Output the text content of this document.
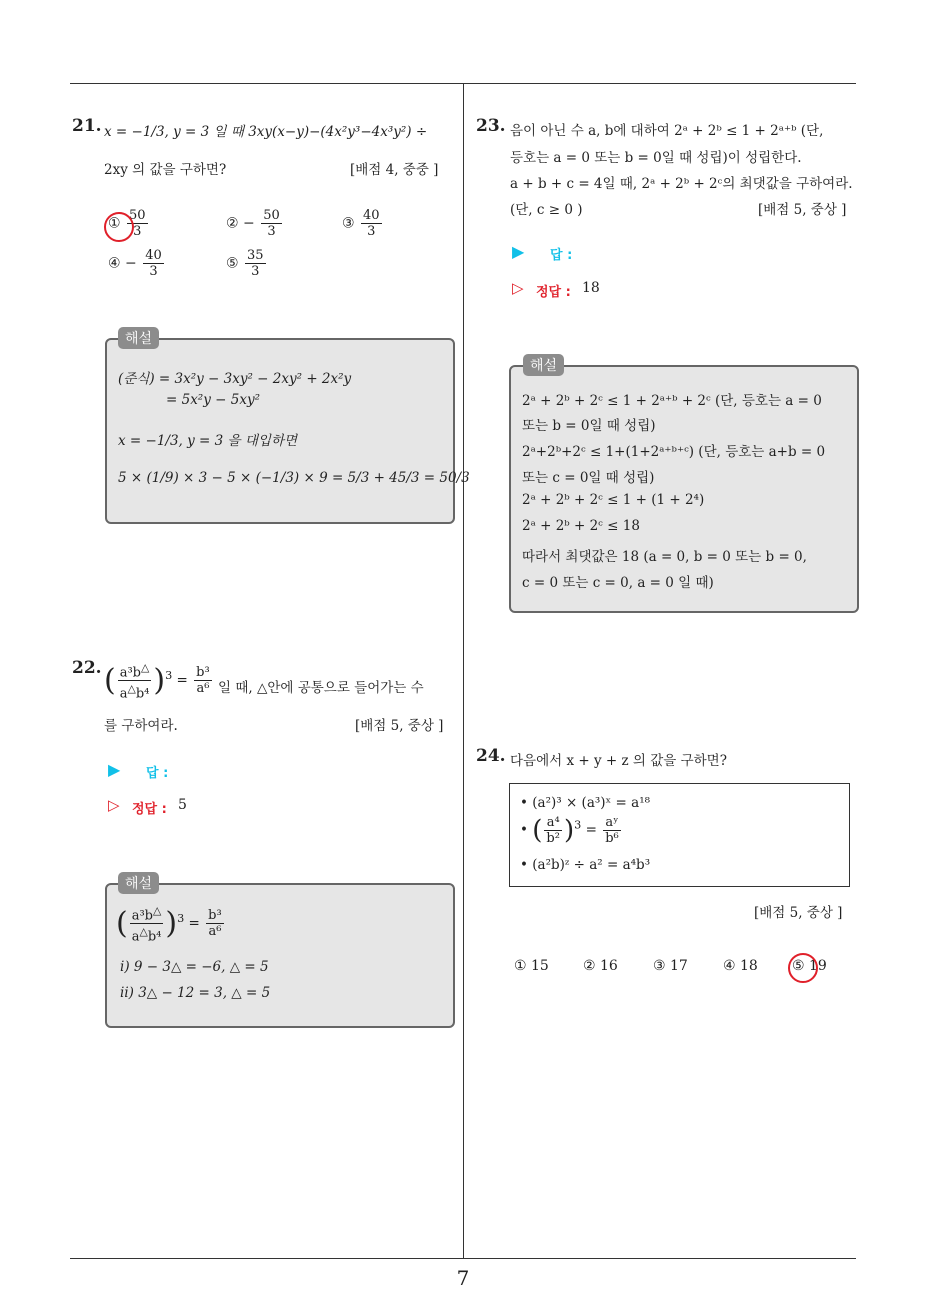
21. x = −1/3, y = 3 일 때 3xy(x−y)−(4x²y³−4x³y²) ÷
2xy 의 값을 구하면?	[배점 4, 중중 ]
① $\frac{50}{3}$	② − $\frac{50}{3}$	③ $\frac{40}{3}$
④ − $\frac{40}{3}$	⑤ $\frac{35}{3}$
해설
(준식) = 3x²y − 3xy² − 2xy² + 2x²y
= 5x²y − 5xy²
x = −1/3, y = 3 을 대입하면
5 × (1/9) × 3 − 5 × (−1/3) × 9 = 5/3 + 45/3 = 50/3
22. ( $\frac{a^3b^\triangle}{a^\triangle b^4} )^3 = \frac{\text{b³}}{\text{a⁶}}$ 일 때, △안에 공통으로 들어가는 수
를 구하여라.	[배점 5, 중상 ]
▶ 답 :
▷ 정답 : 5
해설
( $\frac{a^3b^\triangle}{a^\triangle b^4} )^3 = \frac{\text{b³}}{\text{a⁶}}$
ⅰ) 9 − 3△ = −6, △ = 5
ⅱ) 3△ − 12 = 3, △ = 5
23. 음이 아닌 수 a, b에 대하여 2ᵃ + 2ᵇ ≤ 1 + 2ᵃ⁺ᵇ (단,
등호는 a = 0 또는 b = 0일 때 성립)이 성립한다.
a + b + c = 4일 때, 2ᵃ + 2ᵇ + 2ᶜ의 최댓값을 구하여라.
(단, c ≥ 0 )	[배점 5, 중상 ]
▶ 답 :
▷ 정답 : 18
해설
2ᵃ + 2ᵇ + 2ᶜ ≤ 1 + 2ᵃ⁺ᵇ + 2ᶜ (단, 등호는 a = 0
또는 b = 0일 때 성립)
2ᵃ+2ᵇ+2ᶜ ≤ 1+(1+2ᵃ⁺ᵇ⁺ᶜ) (단, 등호는 a+b = 0
또는 c = 0일 때 성립)
2ᵃ + 2ᵇ + 2ᶜ ≤ 1 + (1 + 2⁴)
2ᵃ + 2ᵇ + 2ᶜ ≤ 18
따라서 최댓값은 18 (a = 0, b = 0 또는 b = 0,
c = 0 또는 c = 0, a = 0 일 때)
24. 다음에서 x + y + z 의 값을 구하면?
• (a²)³ × (a³)ˣ = a¹⁸
• ( $\frac{\text{a⁴}}{\text{b²}} )^3 = \frac{\text{aʸ}}{\text{b⁶}}$
• (a²b)ᶻ ÷ a² = a⁴b³
[배점 5, 중상 ]
① 15 ② 16	③ 17	④ 18 ⑤ 19
7
